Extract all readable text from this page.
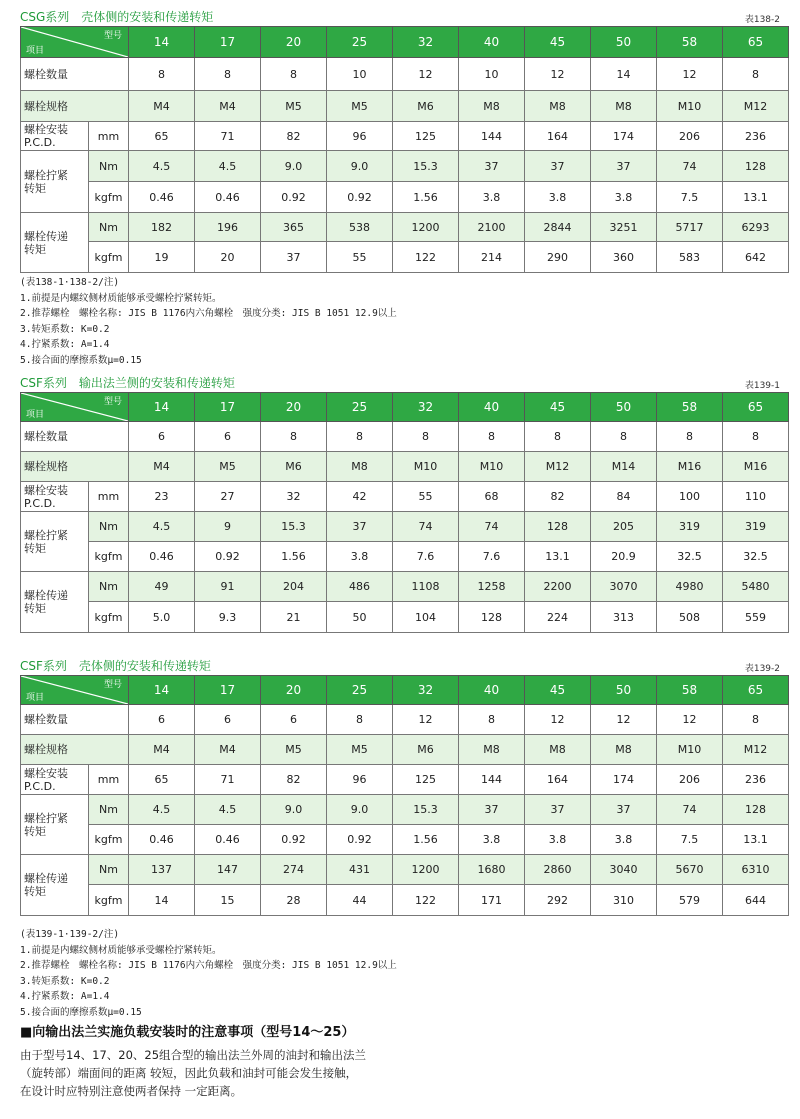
CSG系列　壳体侧的安装和传递转矩	表138-2
型号
项目		14	17	20	25	32	40	45	50	58	65
螺栓数量		8	8	8	10	12	10	12	14	12	8
螺栓规格		M4	M4	M5	M5	M6	M8	M8	M8	M10	M12

螺栓安装
P.C.D.	mm	65	71	82	96	125	144	164	174	206	236

螺栓拧紧
转矩	Nm	4.5	4.5	9.0	9.0	15.3	37	37	37	74	128
	kgfm	0.46	0.46	0.92	0.92	1.56	3.8	3.8	3.8	7.5	13.1

螺栓传递
转矩	Nm	182	196	365	538	1200	2100	2844	3251	5717	6293
	kgfm	19	20	37	55	122	214	290	360	583	642
(表138-1·138-2/注)
1.前提是内螺纹侧材质能够承受螺栓拧紧转矩。
2.推荐螺栓　螺栓名称: JIS B 1176内六角螺栓　强度分类: JIS B 1051 12.9以上
3.转矩系数: K=0.2
4.拧紧系数: A=1.4
5.接合面的摩擦系数μ=0.15
CSF系列　输出法兰侧的安装和传递转矩	表139-1
型号
项目		14	17	20	25	32	40	45	50	58	65
螺栓数量		6	6	8	8	8	8	8	8	8	8
螺栓规格		M4	M5	M6	M8	M10	M10	M12	M14	M16	M16

螺栓安装
P.C.D.	mm	23	27	32	42	55	68	82	84	100	110

螺栓拧紧
转矩	Nm	4.5	9	15.3	37	74	74	128	205	319	319
	kgfm	0.46	0.92	1.56	3.8	7.6	7.6	13.1	20.9	32.5	32.5

螺栓传递
转矩	Nm	49	91	204	486	1108	1258	2200	3070	4980	5480
	kgfm	5.0	9.3	21	50	104	128	224	313	508	559
CSF系列　壳体侧的安装和传递转矩	表139-2
型号
项目		14	17	20	25	32	40	45	50	58	65
螺栓数量		6	6	6	8	12	8	12	12	12	8
螺栓规格		M4	M4	M5	M5	M6	M8	M8	M8	M10	M12

螺栓安装
P.C.D.	mm	65	71	82	96	125	144	164	174	206	236

螺栓拧紧
转矩	Nm	4.5	4.5	9.0	9.0	15.3	37	37	37	74	128
	kgfm	0.46	0.46	0.92	0.92	1.56	3.8	3.8	3.8	7.5	13.1

螺栓传递
转矩	Nm	137	147	274	431	1200	1680	2860	3040	5670	6310
	kgfm	14	15	28	44	122	171	292	310	579	644
(表139-1·139-2/注)
1.前提是内螺纹侧材质能够承受螺栓拧紧转矩。
2.推荐螺栓　螺栓名称: JIS B 1176内六角螺栓　强度分类: JIS B 1051 12.9以上
3.转矩系数: K=0.2
4.拧紧系数: A=1.4
5.接合面的摩擦系数μ=0.15
■向输出法兰实施负载安装时的注意事项（型号14～25）
由于型号14、17、20、25组合型的输出法兰外周的油封和输出法兰
（旋转部）端面间的距离 较短，因此负载和油封可能会发生接触，
在设计时应特别注意使两者保持 一定距离。
